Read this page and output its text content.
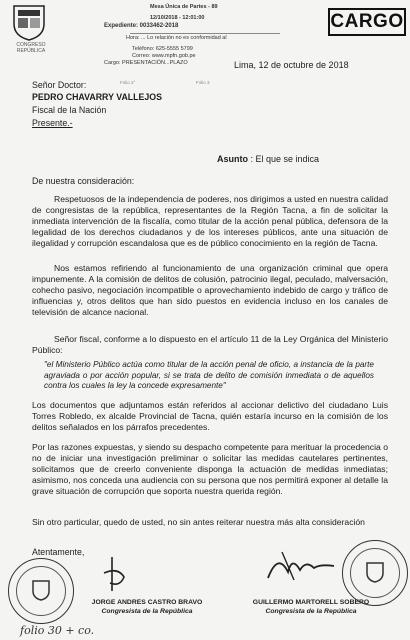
CONGRESO REPÚBLICA
Mesa Única de Partes - 89
12/10/2018 - 12:01:00
Expediente: 0033462-2018
Hora: ... Lo relación no es conformidad al
Teléfono: 625-5555 5799
Correo: www.mpfn.gob.pe
Cargo: PRESENTACIÓN...PLAZO
CARGO
Folio 2°	Folio 3
Lima, 12 de octubre de 2018
Señor Doctor:
PEDRO CHAVARRY VALLEJOS
Fiscal de la Nación
Presente.-
Asunto : El que se indica
De nuestra consideración:
Respetuosos de la independencia de poderes, nos dirigimos a usted en nuestra calidad de congresistas de la república, representantes de la Región Tacna, a fin de solicitar la inmediata intervención de la fiscalía, como titular de la acción penal pública, defensora de la legalidad de los derechos ciudadanos y de los intereses públicos, ante una situación de ilegalidad y corrupción escandalosa que es de público conocimiento en la región de Tacna.
Nos estamos refiriendo al funcionamiento de una organización criminal que opera impunemente. A la comisión de delitos de colusión, patrocinio ilegal, peculado, malversación, cohecho pasivo, negociación incompatible o aprovechamiento indebido de cargo y tráfico de influencias y, otros delitos que han sido puestos en evidencia incluso en los canales de televisión de alcance nacional.
Señor fiscal, conforme a lo dispuesto en el artículo 11 de la Ley Orgánica del Ministerio Público:
"el Ministerio Público actúa como titular de la acción penal de oficio, a instancia de la parte agraviada o por acción popular, si se trata de delito de comisión inmediata o de aquellos contra los cuales la ley la concede expresamente"
Los documentos que adjuntamos están referidos al accionar delictivo del ciudadano Luis Torres Robledo, ex alcalde Provincial de Tacna, quién estaría incurso en la comisión de los delitos señalados en los párrafos precedentes.
Por las razones expuestas, y siendo su despacho competente para merituar la procedencia o no de iniciar una investigación preliminar o solicitar las medidas cautelares pertinentes, solicitamos que de creerlo conveniente disponga la actuación de medidas inmediatas; asimismo, nos conceda una audiencia con su persona que nos permitirá exponer al detalle la grave situación de corrupción que soporta nuestra querida región.
Sin otro particular, quedo de usted, no sin antes reiterar nuestra más alta consideración
Atentamente,
JORGE ANDRES CASTRO BRAVO
Congresista de la República
GUILLERMO MARTORELL SOBERO
Congresista de la República
folio 30 + co.
